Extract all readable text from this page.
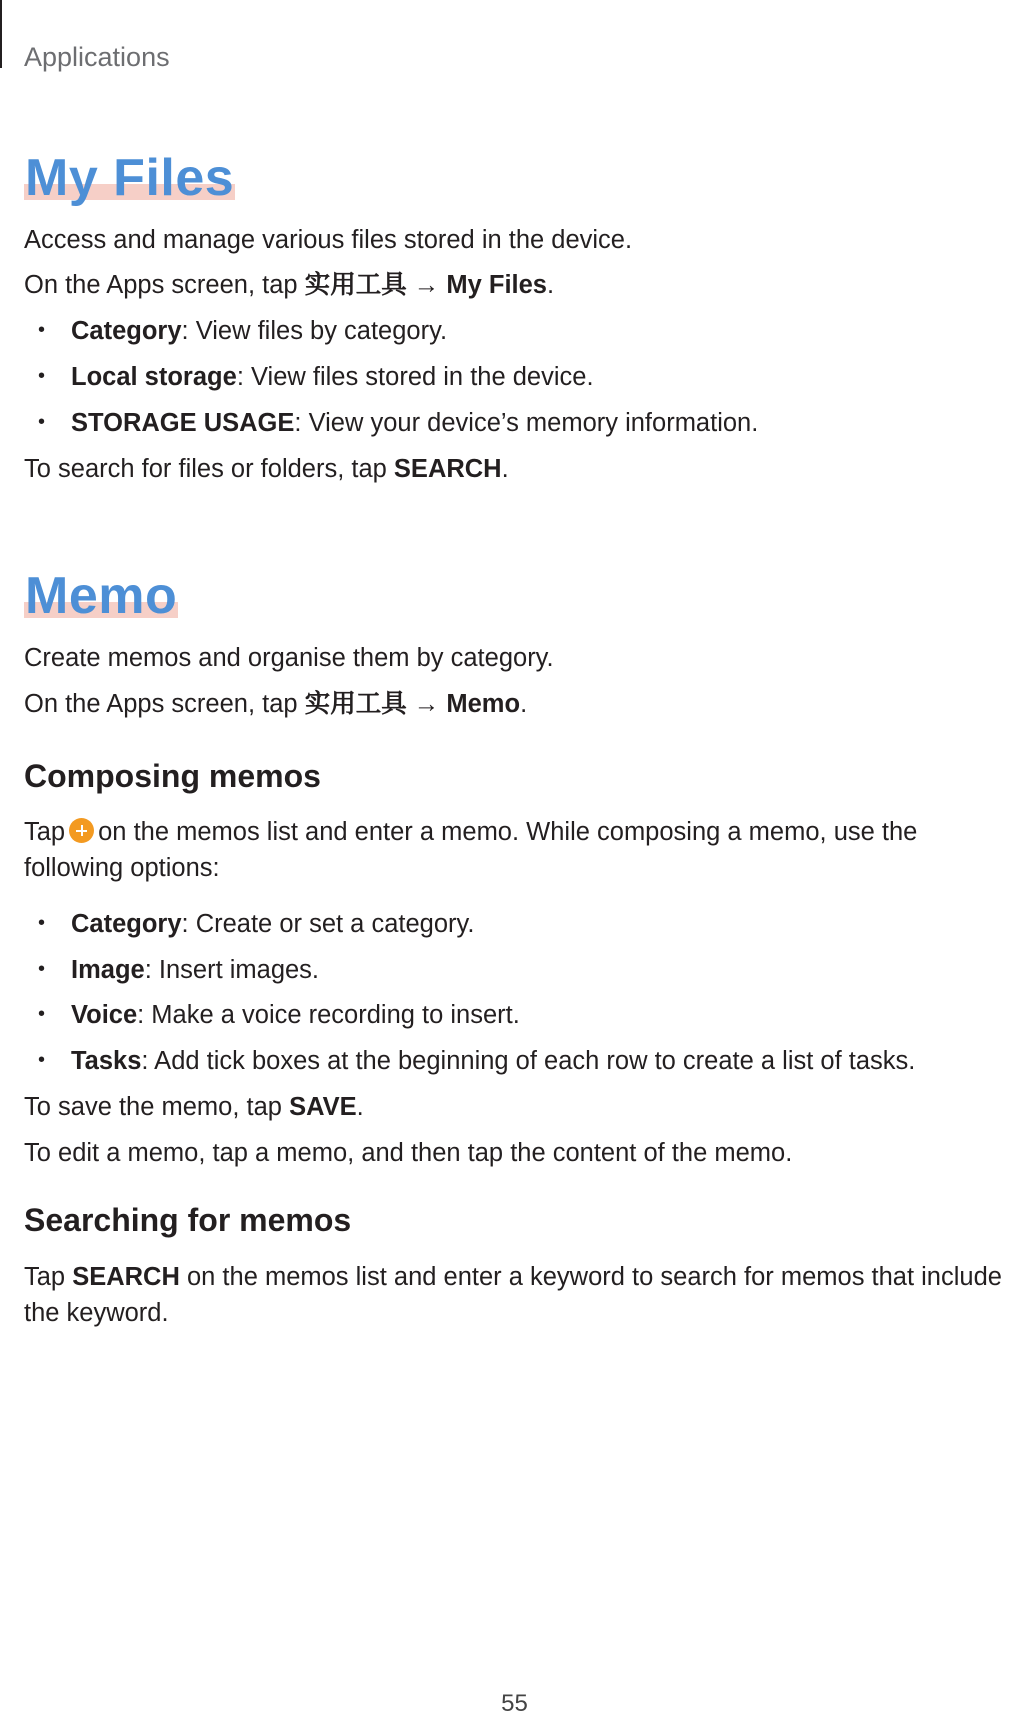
Applications
My Files
Access and manage various files stored in the device.
On the Apps screen, tap 实用工具 → My Files.
• Category: View files by category.
• Local storage: View files stored in the device.
• STORAGE USAGE: View your device’s memory information.
To search for files or folders, tap SEARCH.
Memo
Create memos and organise them by category.
On the Apps screen, tap 实用工具 → Memo.
Composing memos
Tap on the memos list and enter a memo. While composing a memo, use the following options:
• Category: Create or set a category.
• Image: Insert images.
• Voice: Make a voice recording to insert.
• Tasks: Add tick boxes at the beginning of each row to create a list of tasks.
To save the memo, tap SAVE.
To edit a memo, tap a memo, and then tap the content of the memo.
Searching for memos
Tap SEARCH on the memos list and enter a keyword to search for memos that include the keyword.
55
